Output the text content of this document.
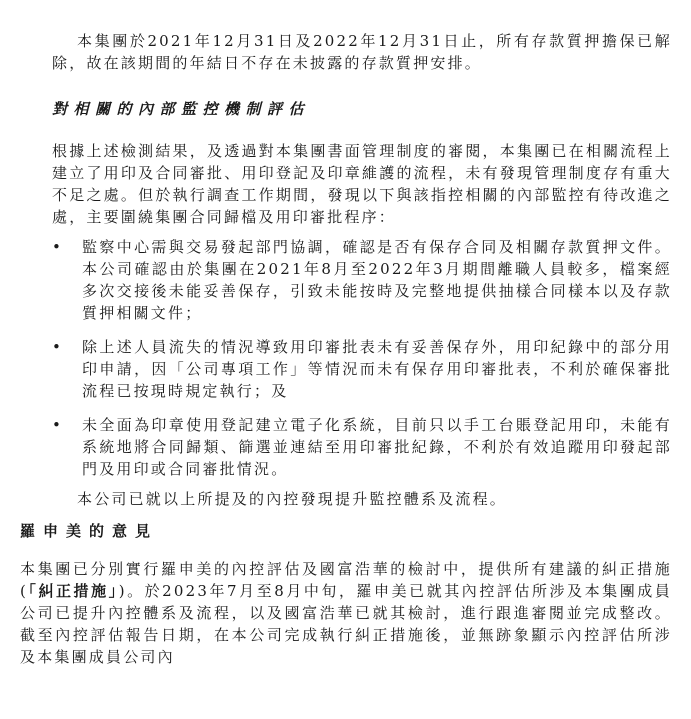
本集團於2021年12月31日及2022年12月31日止，所有存款質押擔保已解除，故在該期間的年結日不存在未披露的存款質押安排。

對相關的內部監控機制評估

根據上述檢測結果，及透過對本集團書面管理制度的審閱，本集團已在相關流程上建立了用印及合同審批、用印登記及印章維護的流程，未有發現管理制度存有重大不足之處。但於執行調查工作期間，發現以下與該指控相關的內部監控有待改進之處，主要圍繞集團合同歸檔及用印審批程序：

•	監察中心需與交易發起部門協調，確認是否有保存合同及相關存款質押文件。本公司確認由於集團在2021年8月至2022年3月期間離職人員較多，檔案經多次交接後未能妥善保存，引致未能按時及完整地提供抽樣合同樣本以及存款質押相關文件；
•	除上述人員流失的情況導致用印審批表未有妥善保存外，用印紀錄中的部分用印申請，因「公司專項工作」等情況而未有保存用印審批表，不利於確保審批流程已按現時規定執行；及
•	未全面為印章使用登記建立電子化系統，目前只以手工台賬登記用印，未能有系統地將合同歸類、篩選並連結至用印審批紀錄，不利於有效追蹤用印發起部門及用印或合同審批情況。

本公司已就以上所提及的內控發現提升監控體系及流程。

羅申美的意見

本集團已分別實行羅申美的內控評估及國富浩華的檢討中，提供所有建議的糾正措施(「糾正措施」)。於2023年7月至8月中旬，羅申美已就其內控評估所涉及本集團成員公司已提升內控體系及流程，以及國富浩華已就其檢討，進行跟進審閱並完成整改。截至內控評估報告日期，在本公司完成執行糾正措施後，並無跡象顯示內控評估所涉及本集團成員公司內
